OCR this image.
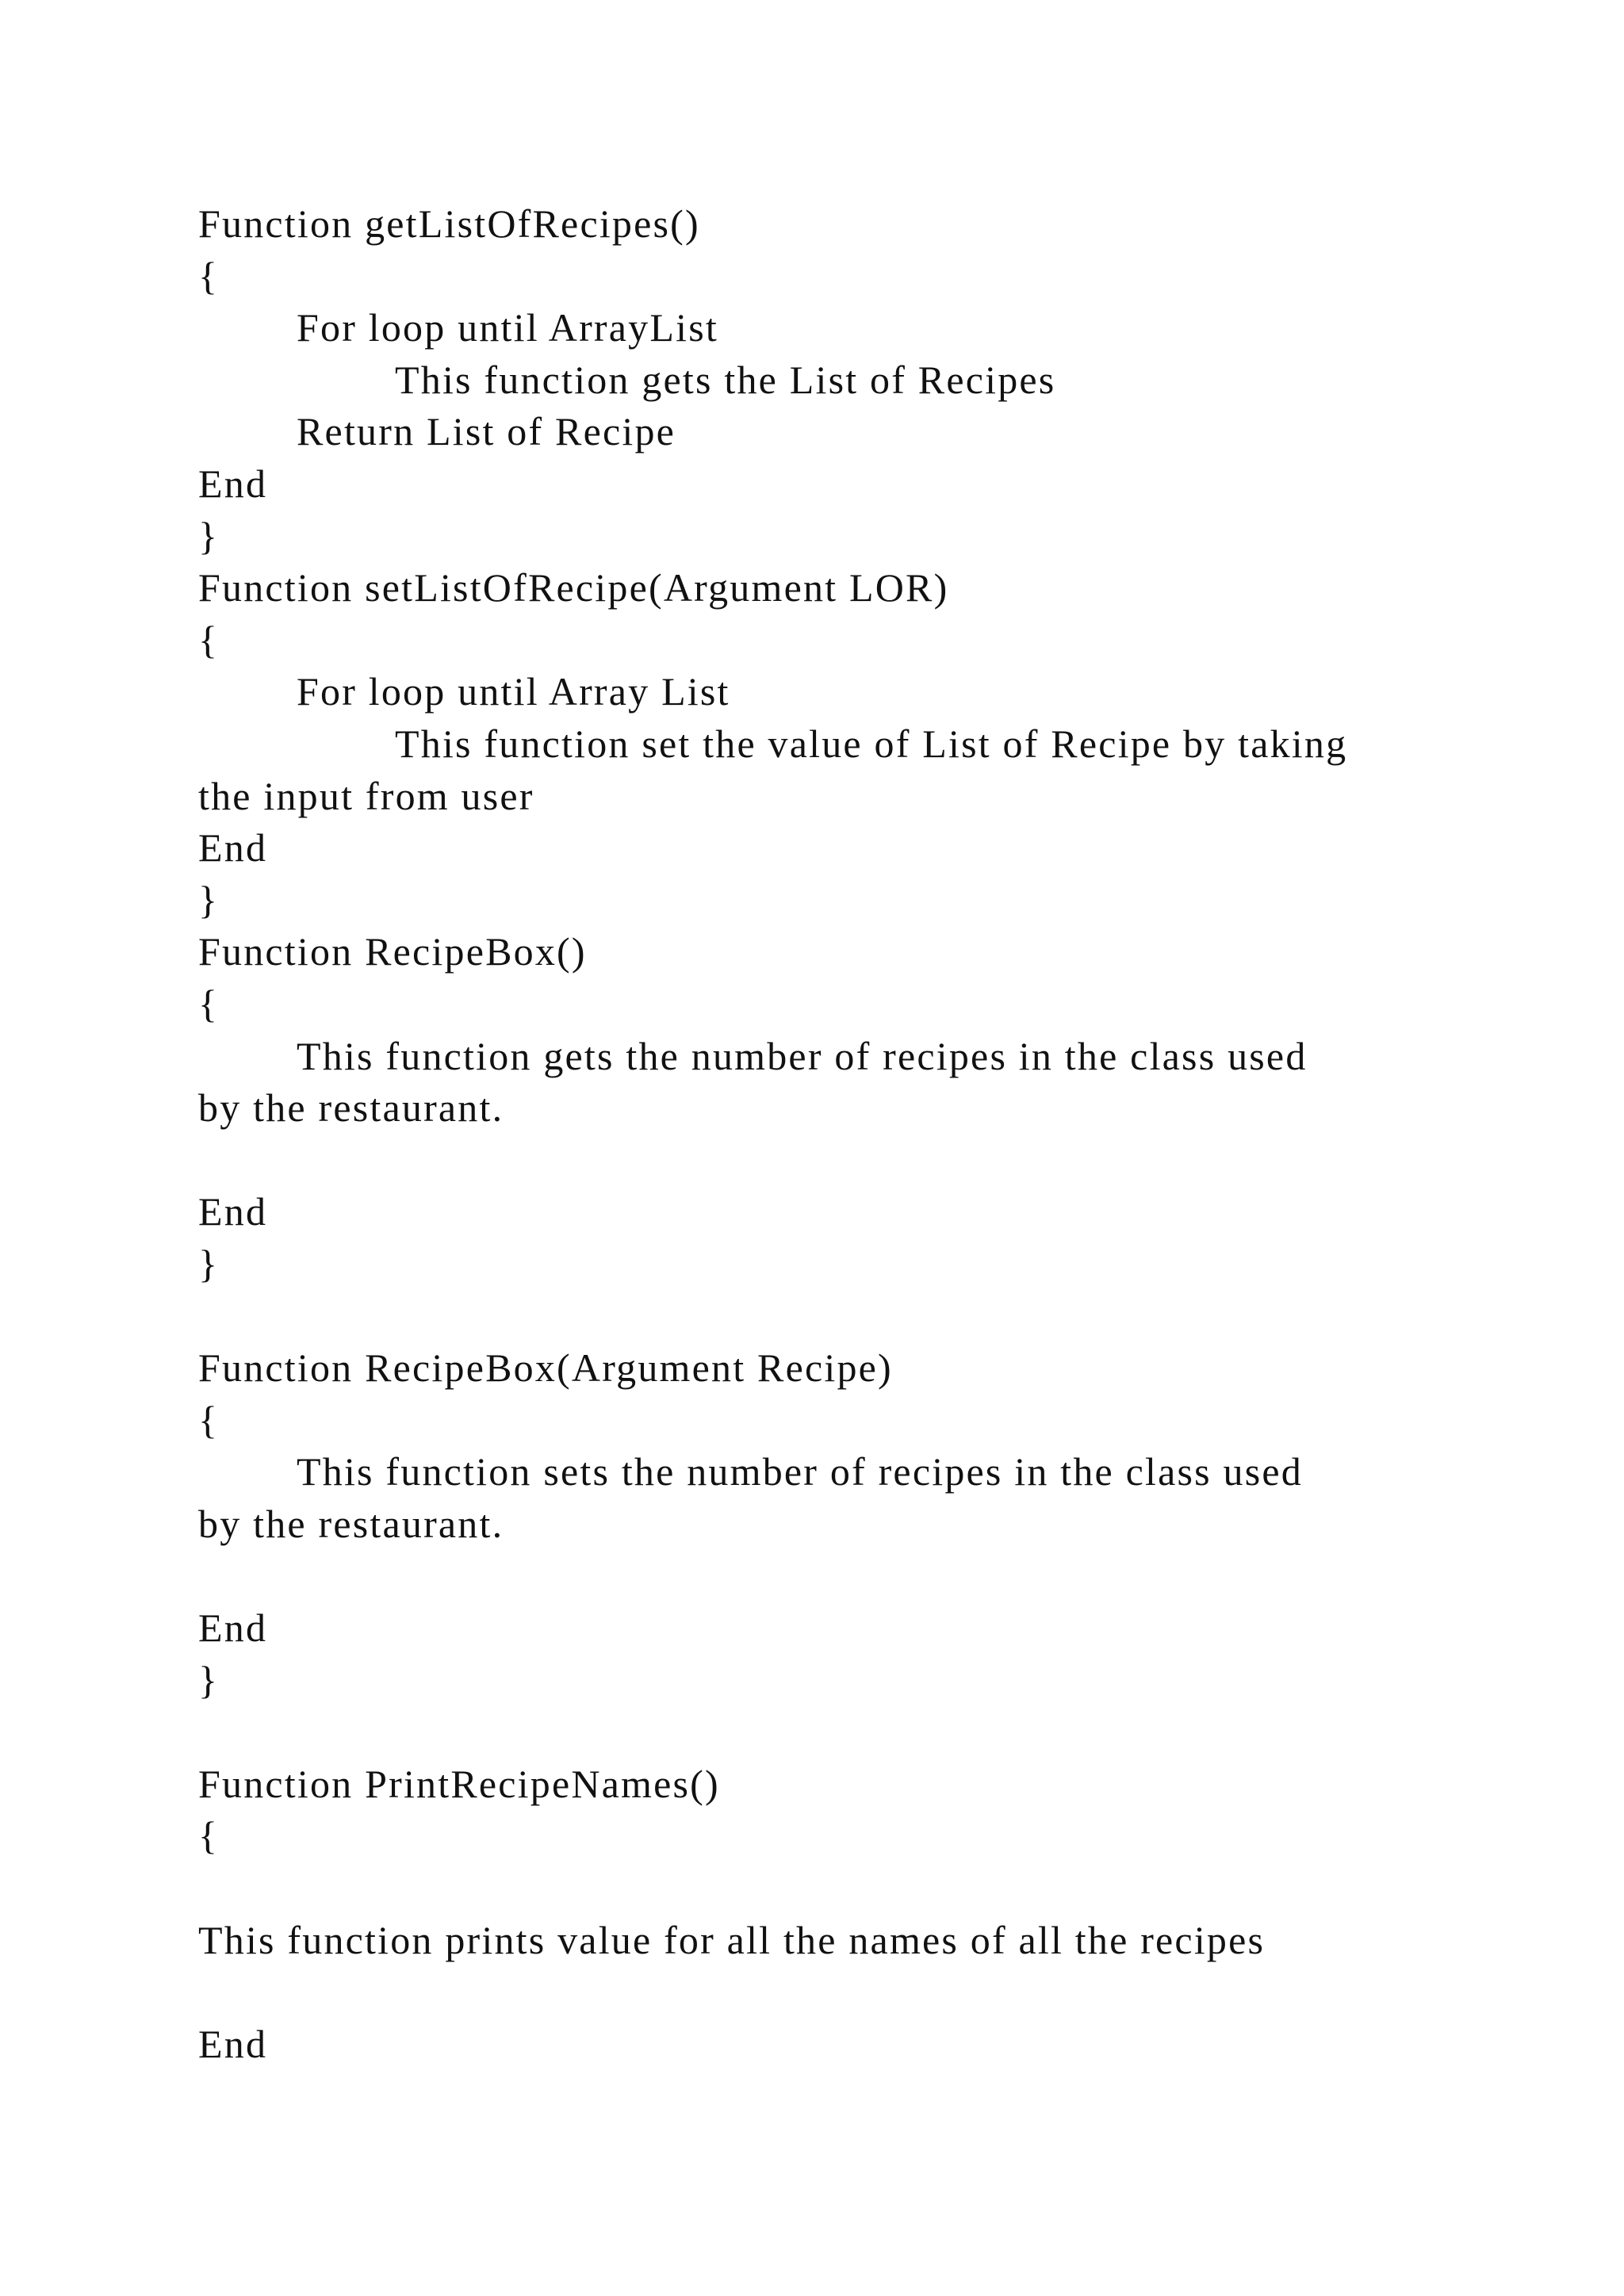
Function getListOfRecipes()
{
For loop until ArrayList
This function gets the List of Recipes
Return List of Recipe
End
}
Function setListOfRecipe(Argument LOR)
{
For loop until Array List
This function set the value of List of Recipe by taking
the input from user
End
}
Function RecipeBox()
{
This function gets the number of recipes in the class used
by the restaurant.
End
}
Function RecipeBox(Argument Recipe)
{
This function sets the number of recipes in the class used
by the restaurant.
End
}
Function PrintRecipeNames()
{
This function prints value for all the names of all the recipes
End
